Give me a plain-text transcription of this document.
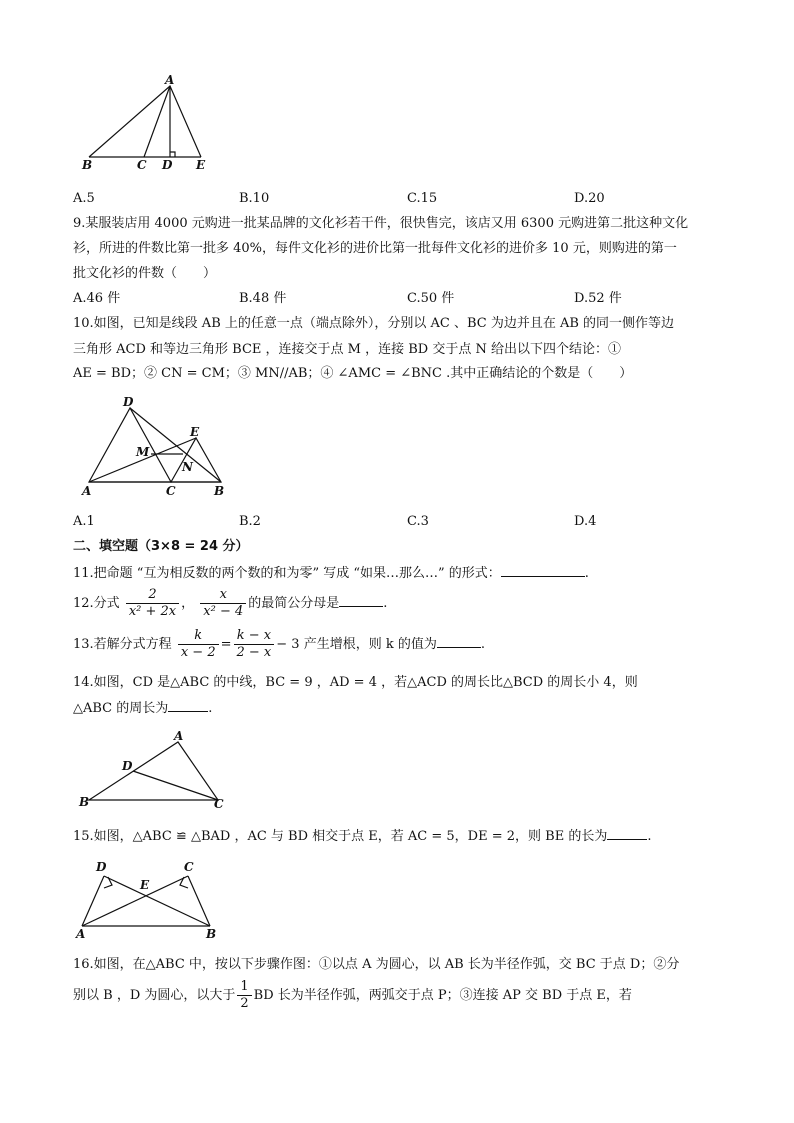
A
B	C D E
A.5	B.10	C.15	D.20
9.某服装店用 4000 元购进一批某品牌的文化衫若干件，很快售完，该店又用 6300 元购进第二批这种文化
衫，所进的件数比第一批多 40%，每件文化衫的进价比第一批每件文化衫的进价多 10 元，则购进的第一
批文化衫的件数（　　）
A.46 件	B.48 件	C.50 件	D.52 件
10.如图，已知是线段 AB 上的任意一点（端点除外），分别以 AC 、BC 为边并且在 AB 的同一侧作等边
三角形 ACD 和等边三角形 BCE ，连接交于点 M ，连接 BD 交于点 N 给出以下四个结论：①
AE = BD；② CN = CM；③ MN//AB；④ ∠AMC = ∠BNC .其中正确结论的个数是（　　）
D
E
M
N
A	C	B
A.1	B.2	C.3	D.4
二、填空题（3×8 = 24 分）
11.把命题 “互为相反数的两个数的和为零” 写成 “如果…那么…” 的形式：	.
12.分式 $\frac{2}{\text{x² + 2x}}$ ， $\frac{x}{\text{x² − 4}}$ 的最简公分母是	.
13.若解分式方程 $\frac{k}{x - 2} = \frac{k - x}{2 - x} - 3$ 产生增根，则 k 的值为	.
14.如图，CD 是△ABC 的中线，BC = 9 ，AD = 4 ，若△ACD 的周长比△BCD 的周长小 4，则
△ABC 的周长为	.
A
D
B	C
15.如图，△ABC ≌ △BAD ，AC 与 BD 相交于点 E，若 AC = 5，DE = 2，则 BE 的长为	.
D	C
E
A	B
16.如图，在△ABC 中，按以下步骤作图：①以点 A 为圆心，以 AB 长为半径作弧，交 BC 于点 D；②分
别以 B ，D 为圆心，以大于 $\frac{1}{2}$ BD 长为半径作弧，两弧交于点 P；③连接 AP 交 BD 于点 E，若
